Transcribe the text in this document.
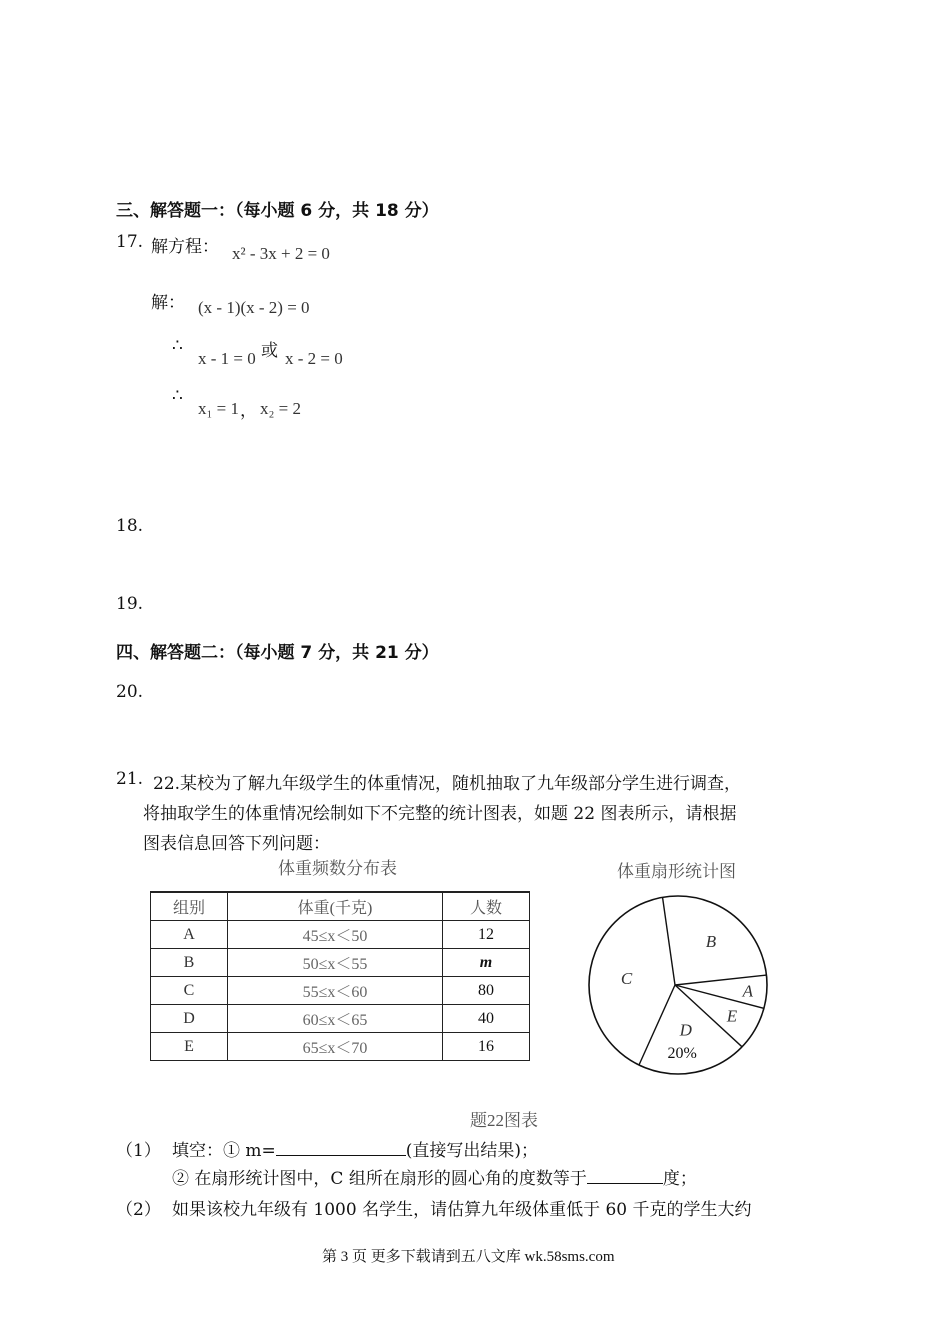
三、解答题一：（每小题 6 分，共 18 分）
17. 解方程： x² - 3x + 2 = 0
解： (x - 1)(x - 2) = 0
∴
x - 1 = 0 或 x - 2 = 0
∴
x₁ = 1 ， x₂ = 2
18.
19.
四、解答题二：（每小题 7 分，共 21 分）
20.
21. 22.某校为了解九年级学生的体重情况，随机抽取了九年级部分学生进行调查，
将抽取学生的体重情况绘制如下不完整的统计图表，如题 22 图表所示，请根据
图表信息回答下列问题：
体重频数分布表
组别	体重(千克)	人数
A	45≤x＜50	12
B	50≤x＜55	m
C	55≤x＜60	80
D	60≤x＜65	40
E	65≤x＜70	16
体重扇形统计图
A
B
C
D
E
20%
题22图表
（1） 填空：① m=	(直接写出结果)；
② 在扇形统计图中，C 组所在扇形的圆心角的度数等于	度；
（2） 如果该校九年级有 1000 名学生，请估算九年级体重低于 60 千克的学生大约
第 3 页 更多下载请到五八文库 wk.58sms.com
